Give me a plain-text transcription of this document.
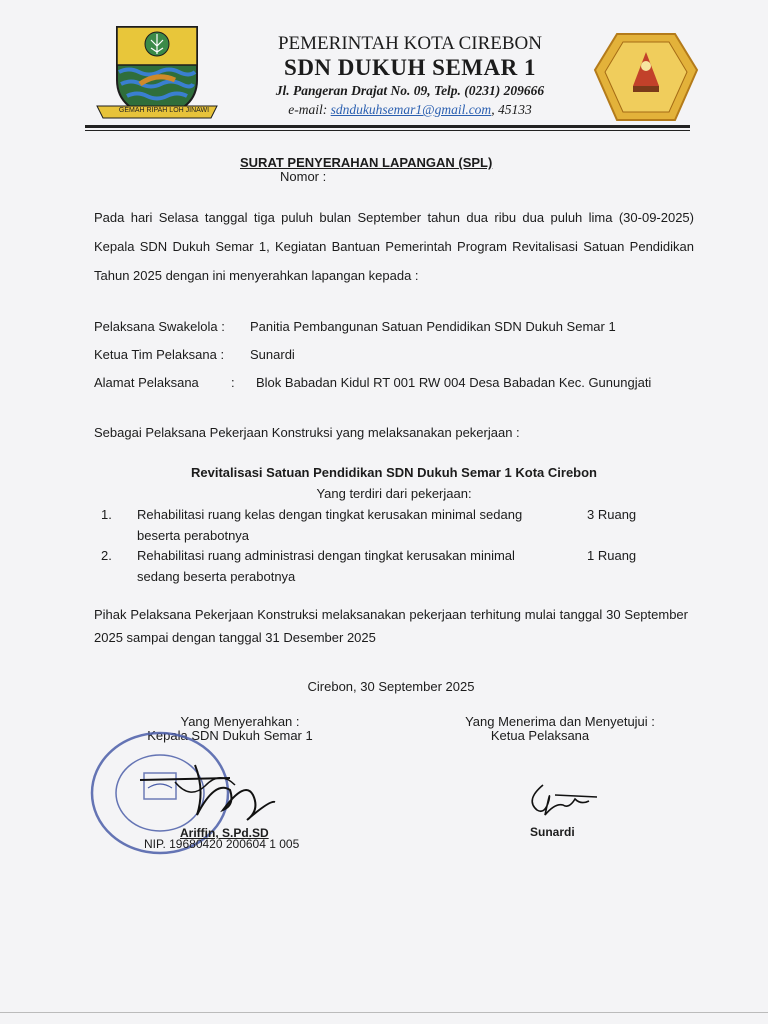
GEMAH RIPAH LOH JINAWI
PEMERINTAH KOTA CIREBON
SDN DUKUH SEMAR 1
Jl. Pangeran Drajat No. 09, Telp. (0231) 209666
e-mail: sdndukuhsemar1@gmail.com, 45133
SURAT PENYERAHAN LAPANGAN (SPL)
Nomor :
Pada hari Selasa tanggal tiga puluh bulan September tahun dua ribu dua puluh lima (30-09-2025) Kepala SDN Dukuh Semar 1, Kegiatan Bantuan Pemerintah Program Revitalisasi Satuan Pendidikan Tahun 2025 dengan ini menyerahkan lapangan kepada :
Pelaksana Swakelola : Panitia Pembangunan Satuan Pendidikan SDN Dukuh Semar 1
Ketua Tim Pelaksana : Sunardi
Alamat Pelaksana : Blok Babadan Kidul RT 001 RW 004 Desa Babadan Kec. Gunungjati
Sebagai Pelaksana Pekerjaan Konstruksi yang melaksanakan pekerjaan :
Revitalisasi Satuan Pendidikan SDN Dukuh Semar 1 Kota Cirebon
Yang terdiri dari pekerjaan:
1. Rehabilitasi ruang kelas dengan tingkat kerusakan minimal sedang beserta perabotnya
3 Ruang
2. Rehabilitasi ruang administrasi dengan tingkat kerusakan minimal sedang beserta perabotnya
1 Ruang
Pihak Pelaksana Pekerjaan Konstruksi melaksanakan pekerjaan terhitung mulai tanggal 30 September 2025 sampai dengan tanggal 31 Desember 2025
Cirebon, 30 September 2025
Yang Menyerahkan :
Kepala SDN Dukuh Semar 1
Ariffin, S.Pd.SD
NIP. 19680420 200604 1 005
Yang Menerima dan Menyetujui :
Ketua Pelaksana
Sunardi
